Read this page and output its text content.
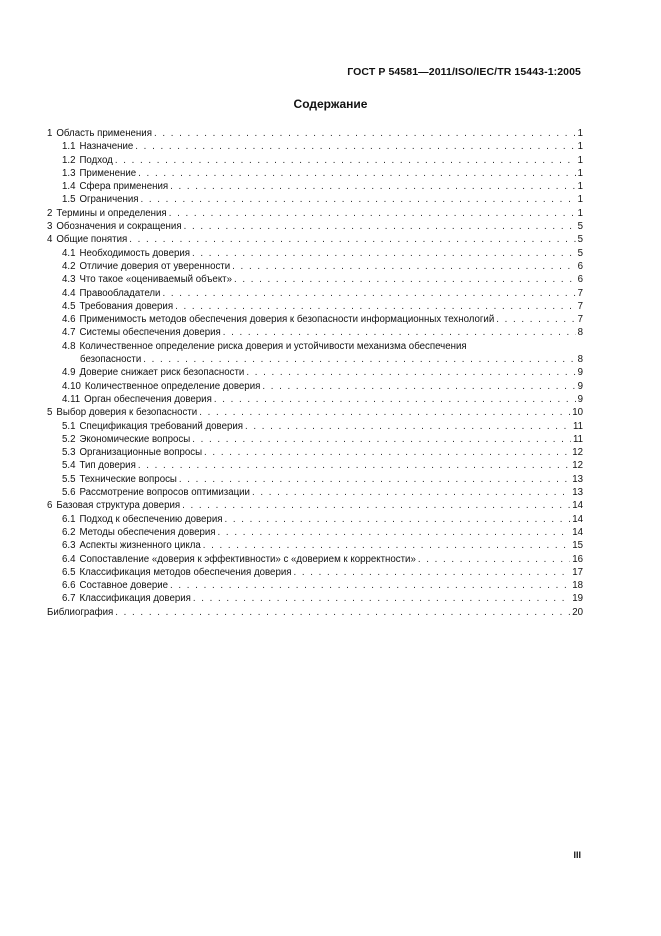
ГОСТ Р 54581—2011/ISO/IEC/TR 15443-1:2005
Содержание
1 Область применения . . .	1
1.1 Назначение . . .	1
1.2 Подход . . .	1
1.3 Применение . . .	1
1.4 Сфера применения . . .	1
1.5 Ограничения . . .	1
2 Термины и определения . . .	1
3 Обозначения и сокращения . . .	5
4 Общие понятия . . .	5
4.1 Необходимость доверия . . .	5
4.2 Отличие доверия от уверенности . . .	6
4.3 Что такое «оцениваемый объект» . . .	6
4.4 Правообладатели . . .	7
4.5 Требования доверия . . .	7
4.6 Применимость методов обеспечения доверия к безопасности информационных технологий . . .	7
4.7 Системы обеспечения доверия . . .	8
4.8 Количественное определение риска доверия и устойчивости механизма обеспечения
безопасности . . .	8
4.9 Доверие снижает риск безопасности . . .	9
4.10 Количественное определение доверия . . .	9
4.11 Орган обеспечения доверия . . .	9
5 Выбор доверия к безопасности . . .	10
5.1 Спецификация требований доверия . . .	11
5.2 Экономические вопросы . . .	11
5.3 Организационные вопросы . . .	12
5.4 Тип доверия . . .	12
5.5 Технические вопросы . . .	13
5.6 Рассмотрение вопросов оптимизации . . .	13
6 Базовая структура доверия . . .	14
6.1 Подход к обеспечению доверия . . .	14
6.2 Методы обеспечения доверия . . .	14
6.3 Аспекты жизненного цикла . . .	15
6.4 Сопоставление «доверия к эффективности» с «доверием к корректности» . . .	16
6.5 Классификация методов обеспечения доверия . . .	17
6.6 Составное доверие . . .	18
6.7 Классификация доверия . . .	19
Библиография . . .	20
III
